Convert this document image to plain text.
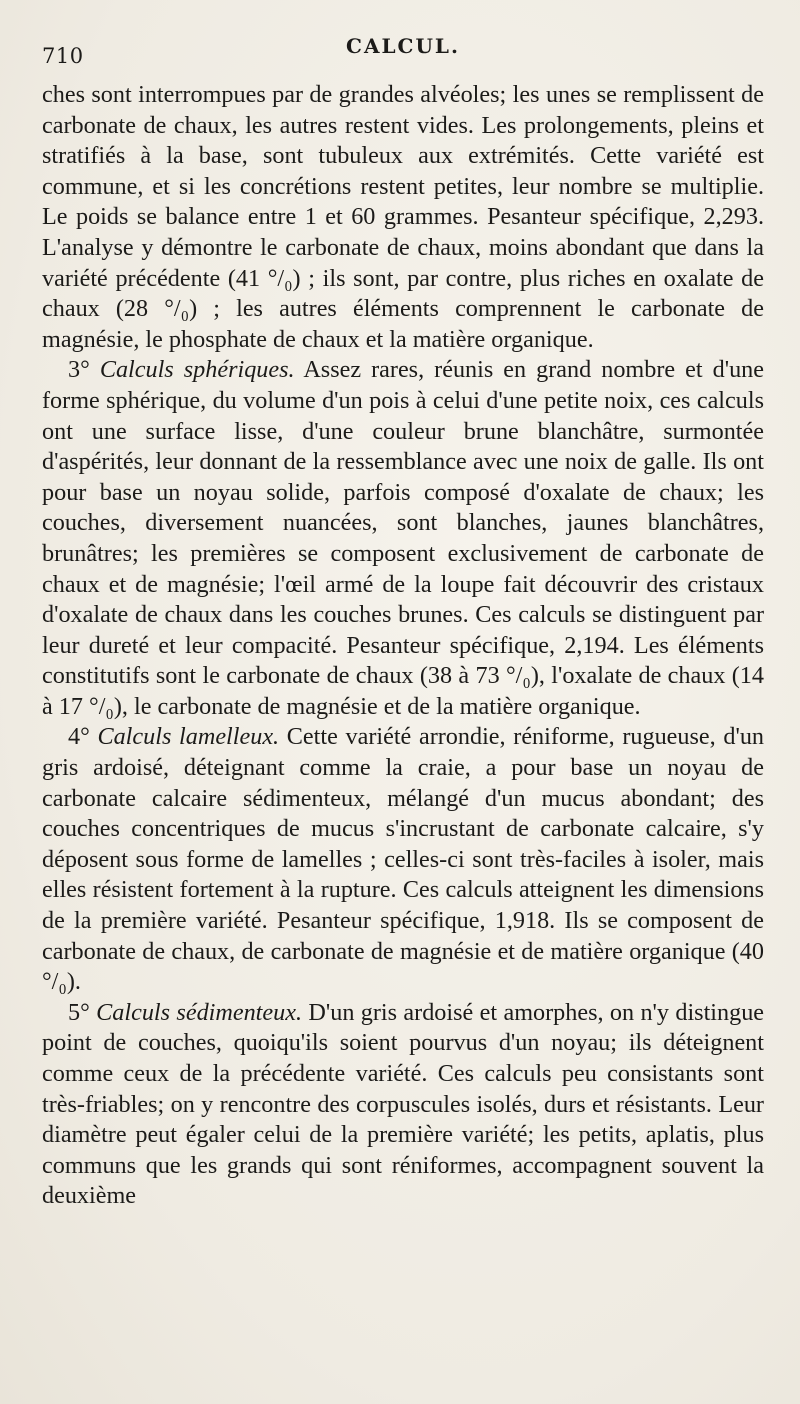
710	CALCUL.

ches sont interrompues par de grandes alvéoles; les unes se remplissent de carbonate de chaux, les autres restent vides. Les prolongements, pleins et stratifiés à la base, sont tubuleux aux extrémités. Cette variété est commune, et si les concrétions restent petites, leur nombre se multiplie. Le poids se balance entre 1 et 60 grammes. Pesanteur spécifique, 2,293. L'analyse y démontre le carbonate de chaux, moins abondant que dans la variété précédente (41 °/₀) ; ils sont, par contre, plus riches en oxalate de chaux (28 °/₀) ; les autres éléments comprennent le carbonate de magnésie, le phosphate de chaux et la matière organique.

3° Calculs sphériques. Assez rares, réunis en grand nombre et d'une forme sphérique, du volume d'un pois à celui d'une petite noix, ces calculs ont une surface lisse, d'une couleur brune blanchâtre, surmontée d'aspérités, leur donnant de la ressemblance avec une noix de galle. Ils ont pour base un noyau solide, parfois composé d'oxalate de chaux; les couches, diversement nuancées, sont blanches, jaunes blanchâtres, brunâtres; les premières se composent exclusivement de carbonate de chaux et de magnésie; l'œil armé de la loupe fait découvrir des cristaux d'oxalate de chaux dans les couches brunes. Ces calculs se distinguent par leur dureté et leur compacité. Pesanteur spécifique, 2,194. Les éléments constitutifs sont le carbonate de chaux (38 à 73 °/₀), l'oxalate de chaux (14 à 17 °/₀), le carbonate de magnésie et de la matière organique.

4° Calculs lamelleux. Cette variété arrondie, réniforme, rugueuse, d'un gris ardoisé, déteignant comme la craie, a pour base un noyau de carbonate calcaire sédimenteux, mélangé d'un mucus abondant; des couches concentriques de mucus s'incrustant de carbonate calcaire, s'y déposent sous forme de lamelles ; celles-ci sont très-faciles à isoler, mais elles résistent fortement à la rupture. Ces calculs atteignent les dimensions de la première variété. Pesanteur spécifique, 1,918. Ils se composent de carbonate de chaux, de carbonate de magnésie et de matière organique (40 °/₀).

5° Calculs sédimenteux. D'un gris ardoisé et amorphes, on n'y distingue point de couches, quoiqu'ils soient pourvus d'un noyau; ils déteignent comme ceux de la précédente variété. Ces calculs peu consistants sont très-friables; on y rencontre des corpuscules isolés, durs et résistants. Leur diamètre peut égaler celui de la première variété; les petits, aplatis, plus communs que les grands qui sont réniformes, accompagnent souvent la deuxième
